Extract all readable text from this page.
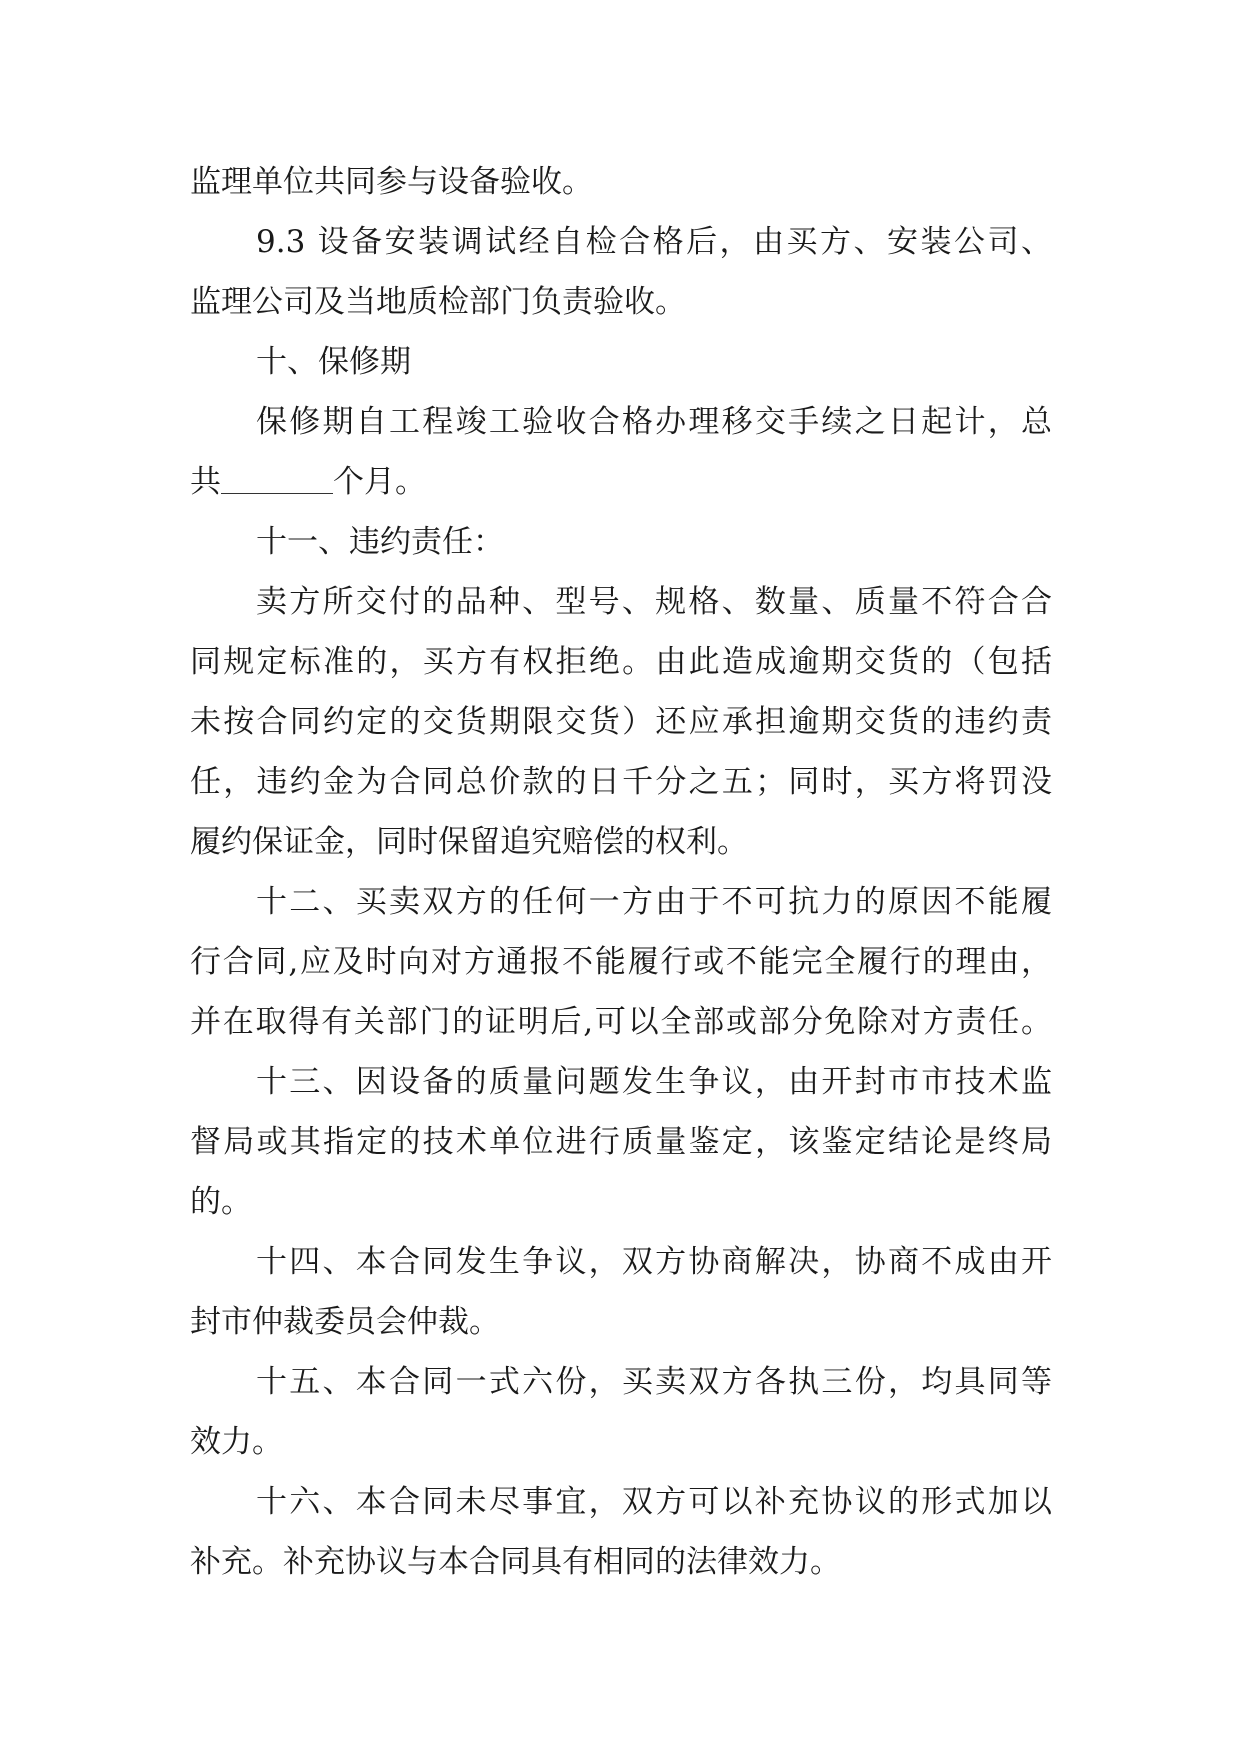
监理单位共同参与设备验收。
9.3 设备安装调试经自检合格后，由买方、安装公司、
监理公司及当地质检部门负责验收。
十、保修期
保修期自工程竣工验收合格办理移交手续之日起计，总
共	个月。
十一、违约责任：
卖方所交付的品种、型号、规格、数量、质量不符合合
同规定标准的，买方有权拒绝。由此造成逾期交货的（包括
未按合同约定的交货期限交货）还应承担逾期交货的违约责
任，违约金为合同总价款的日千分之五；同时，买方将罚没
履约保证金，同时保留追究赔偿的权利。
十二、买卖双方的任何一方由于不可抗力的原因不能履
行合同,应及时向对方通报不能履行或不能完全履行的理由，
并在取得有关部门的证明后,可以全部或部分免除对方责任。
十三、因设备的质量问题发生争议，由开封市市技术监
督局或其指定的技术单位进行质量鉴定，该鉴定结论是终局
的。
十四、本合同发生争议，双方协商解决，协商不成由开
封市仲裁委员会仲裁。
十五、本合同一式六份，买卖双方各执三份，均具同等
效力。
十六、本合同未尽事宜，双方可以补充协议的形式加以
补充。补充协议与本合同具有相同的法律效力。
